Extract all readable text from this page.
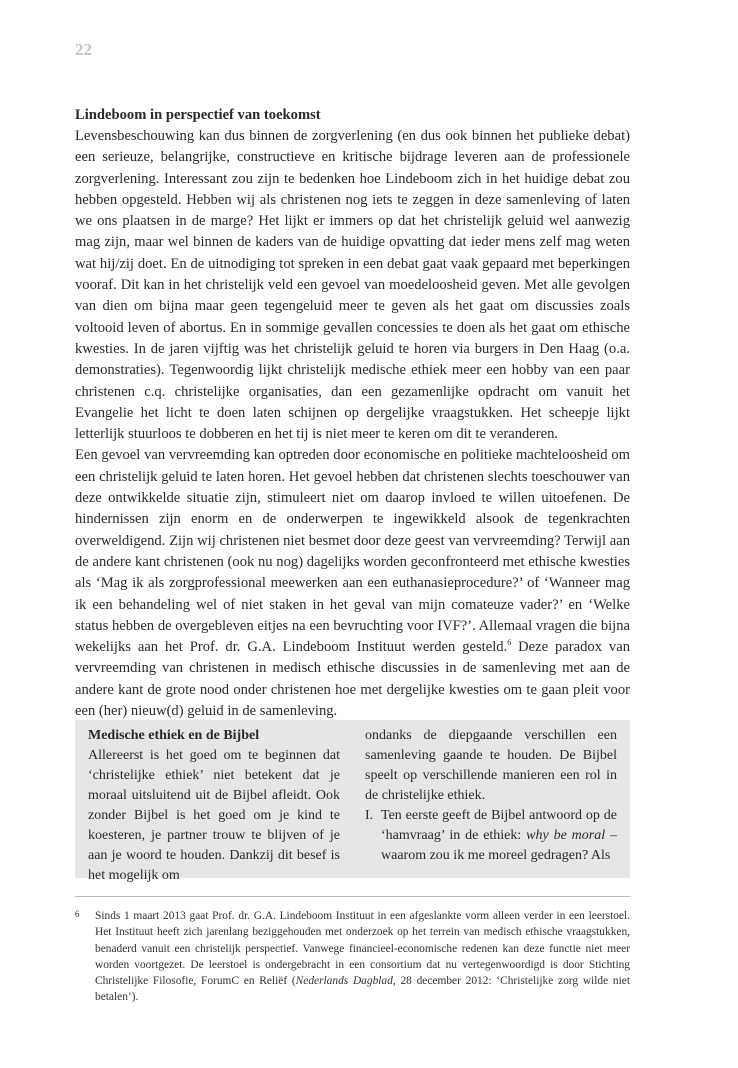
22
Lindeboom in perspectief van toekomst

Levensbeschouwing kan dus binnen de zorgverlening (en dus ook binnen het publieke debat) een serieuze, belangrijke, constructieve en kritische bijdrage leveren aan de professionele zorgverlening. Interessant zou zijn te bedenken hoe Lindeboom zich in het huidige debat zou hebben opgesteld. Hebben wij als christenen nog iets te zeggen in deze samenleving of laten we ons plaatsen in de marge? Het lijkt er immers op dat het christelijk geluid wel aanwezig mag zijn, maar wel binnen de kaders van de huidige opvatting dat ieder mens zelf mag weten wat hij/zij doet. En de uitnodiging tot spreken in een debat gaat vaak gepaard met beperkingen vooraf. Dit kan in het christelijk veld een gevoel van moedeloosheid geven. Met alle gevolgen van dien om bijna maar geen tegengeluid meer te geven als het gaat om discussies zoals voltooid leven of abortus. En in sommige gevallen concessies te doen als het gaat om ethische kwesties. In de jaren vijftig was het christelijk geluid te horen via burgers in Den Haag (o.a. demonstraties). Tegenwoordig lijkt christelijk medische ethiek meer een hobby van een paar christenen c.q. christelijke organisaties, dan een gezamenlijke opdracht om vanuit het Evangelie het licht te doen laten schijnen op dergelijke vraagstukken. Het scheepje lijkt letterlijk stuurloos te dobberen en het tij is niet meer te keren om dit te veranderen.

Een gevoel van vervreemding kan optreden door economische en politieke machteloosheid om een christelijk geluid te laten horen. Het gevoel hebben dat christenen slechts toeschouwer van deze ontwikkelde situatie zijn, stimuleert niet om daarop invloed te willen uitoefenen. De hindernissen zijn enorm en de onderwerpen te ingewikkeld alsook de tegenkrachten overweldigend. Zijn wij christenen niet besmet door deze geest van vervreemding? Terwijl aan de andere kant christenen (ook nu nog) dagelijks worden geconfronteerd met ethische kwesties als ‘Mag ik als zorgprofessional meewerken aan een euthanasieprocedure?’ of ‘Wanneer mag ik een behandeling wel of niet staken in het geval van mijn comateuze vader?’ en ‘Welke status hebben de overgebleven eitjes na een bevruchting voor IVF?’. Allemaal vragen die bijna wekelijks aan het Prof. dr. G.A. Lindeboom Instituut werden gesteld.$^6$ Deze paradox van vervreemding van christenen in medisch ethische discussies in de samenleving met aan de andere kant de grote nood onder christenen hoe met dergelijke kwesties om te gaan pleit voor een (her) nieuw(d) geluid in de samenleving.

Medische ethiek en de Bijbel

Allereerst is het goed om te beginnen dat ‘christelijke ethiek’ niet betekent dat je moraal uitsluitend uit de Bijbel afleidt. Ook zonder Bijbel is het goed om je kind te koesteren, je partner trouw te blijven of je aan je woord te houden. Dankzij dit besef is het mogelijk om

ondanks de diepgaande verschillen een samenleving gaande te houden. De Bijbel speelt op verschillende manieren een rol in de christelijke ethiek.

I. Ten eerste geeft de Bijbel antwoord op de ‘hamvraag’ in de ethiek: why be moral – waarom zou ik me moreel gedragen? Als
6	Sinds 1 maart 2013 gaat Prof. dr. G.A. Lindeboom Instituut in een afgeslankte vorm alleen verder in een leerstoel. Het Instituut heeft zich jarenlang beziggehouden met onderzoek op het terrein van medisch ethische vraagstukken, benaderd vanuit een christelijk perspectief. Vanwege financieel-economische redenen kan deze functie niet meer worden voortgezet. De leerstoel is ondergebracht in een consortium dat nu vertegenwoordigd is door Stichting Christelijke Filosofie, ForumC en Reliëf (Nederlands Dagblad, 28 december 2012: ‘Christelijke zorg wilde niet betalen’).
